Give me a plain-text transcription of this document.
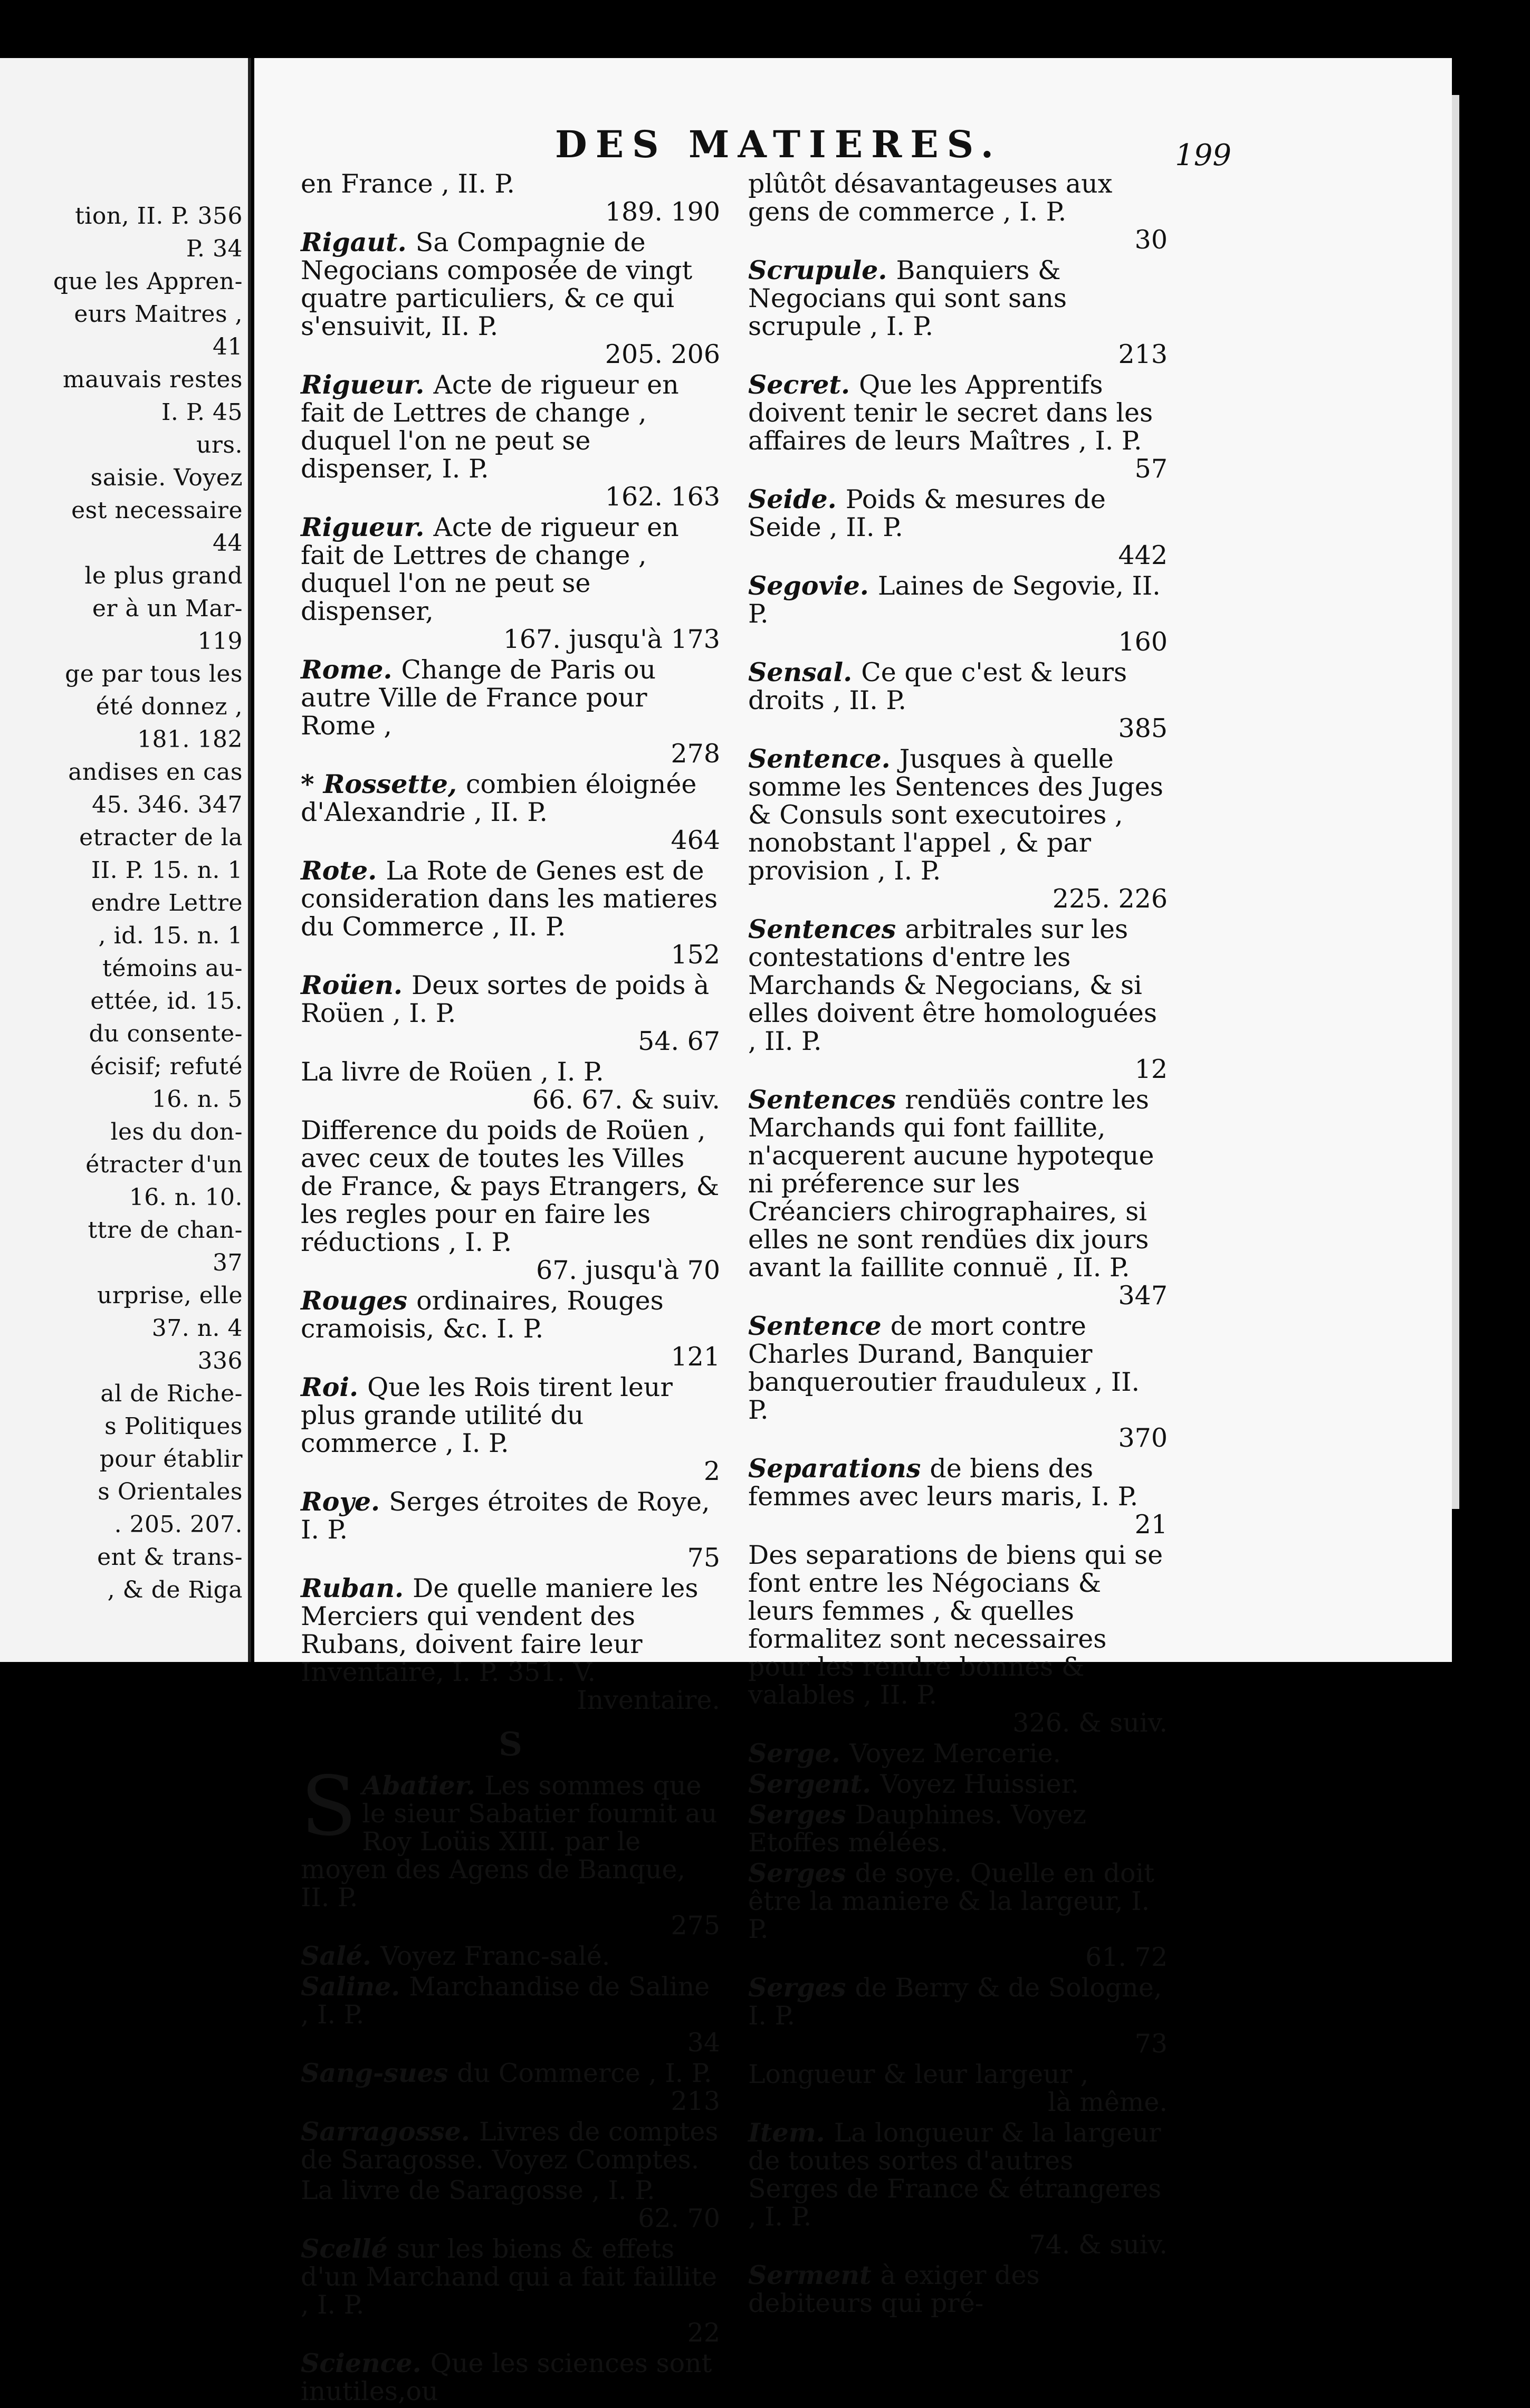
tion, II. P. 356
P. 34
que les Appren-
eurs Maitres ,
41
mauvais restes
I. P. 45
urs.
saisie. Voyez
est necessaire
44
le plus grand
er à un Mar-
119
ge par tous les
été donnez ,
181. 182
andises en cas
45. 346. 347
etracter de la
II. P. 15. n. 1
endre Lettre
, id. 15. n. 1
témoins au-
ettée, id. 15.
du consente-
écisif; refuté
16. n. 5
les du don-
étracter d'un
16. n. 10.
ttre de chan-
37
urprise, elle
37. n. 4
336
al de Riche-
s Politiques
pour établir
s Orientales
. 205. 207.
ent & trans-
, & de Riga
DES MATIERES.	199
en France , II. P.
189. 190
Rigaut. Sa Compagnie de Negocians composée de vingt quatre particuliers, & ce qui s'ensuivit, II. P.
205. 206
Rigueur. Acte de rigueur en fait de Lettres de change , duquel l'on ne peut se dispenser, I. P.
162. 163
Rigueur. Acte de rigueur en fait de Lettres de change , duquel l'on ne peut se dispenser,
167. jusqu'à 173
Rome. Change de Paris ou autre Ville de France pour Rome ,
278
* Rossette, combien éloignée d'Alexandrie , II. P.
464
Rote. La Rote de Genes est de consideration dans les matieres du Commerce , II. P.
152
Roüen. Deux sortes de poids à Roüen , I. P.
54. 67
La livre de Roüen , I. P.
66. 67. & suiv.
Difference du poids de Roüen , avec ceux de toutes les Villes de France, & pays Etrangers, & les regles pour en faire les réductions , I. P.
67. jusqu'à 70
Rouges ordinaires, Rouges cramoisis, &c. I. P.
121
Roi. Que les Rois tirent leur plus grande utilité du commerce , I. P.
2
Roye. Serges étroites de Roye, I. P.
75
Ruban. De quelle maniere les Merciers qui vendent des Rubans, doivent faire leur Inventaire, I. P. 351. V.
Inventaire.
S
S Abatier. Les sommes que le sieur Sabatier fournit au Roy Loüis XIII. par le moyen des Agens de Banque, II. P.
275
Salé. Voyez Franc-salé.
Saline. Marchandise de Saline , I. P.
34
Sang-sues du Commerce , I. P.
213
Sarragosse. Livres de comptes de Saragosse. Voyez Comptes.
La livre de Saragosse , I. P.
62. 70
Scellé sur les biens & effets d'un Marchand qui a fait faillite , I. P.
22
Science. Que les sciences sont inutiles,ou
plûtôt désavantageuses aux gens de commerce , I. P.
30
Scrupule. Banquiers & Negocians qui sont sans scrupule , I. P.
213
Secret. Que les Apprentifs doivent tenir le secret dans les affaires de leurs Maîtres , I. P.
57
Seide. Poids & mesures de Seide , II. P.
442
Segovie. Laines de Segovie, II. P.
160
Sensal. Ce que c'est & leurs droits , II. P.
385
Sentence. Jusques à quelle somme les Sentences des Juges & Consuls sont executoires , nonobstant l'appel , & par provision , I. P.
225. 226
Sentences arbitrales sur les contestations d'entre les Marchands & Negocians, & si elles doivent être homologuées , II. P.
12
Sentences rendüës contre les Marchands qui font faillite, n'acquerent aucune hypoteque ni préference sur les Créanciers chirographaires, si elles ne sont rendües dix jours avant la faillite connuë , II. P.
347
Sentence de mort contre Charles Durand, Banquier banqueroutier frauduleux , II. P.
370
Separations de biens des femmes avec leurs maris, I. P.
21
Des separations de biens qui se font entre les Négocians & leurs femmes , & quelles formalitez sont necessaires pour les rendre bonnes & valables , II. P.
326. & suiv.
Serge. Voyez Mercerie.
Sergent. Voyez Huissier.
Serges Dauphines. Voyez Etoffes mélées.
Serges de soye. Quelle en doit être la maniere & la largeur, I. P.
61. 72
Serges de Berry & de Sologne, I. P.
73
Longueur & leur largeur ,
là même.
Item. La longueur & la largeur de toutes sortes d'autres Serges de France & étrangeres , I. P.
74. & suiv.
Serment à exiger des debiteurs qui pré-
